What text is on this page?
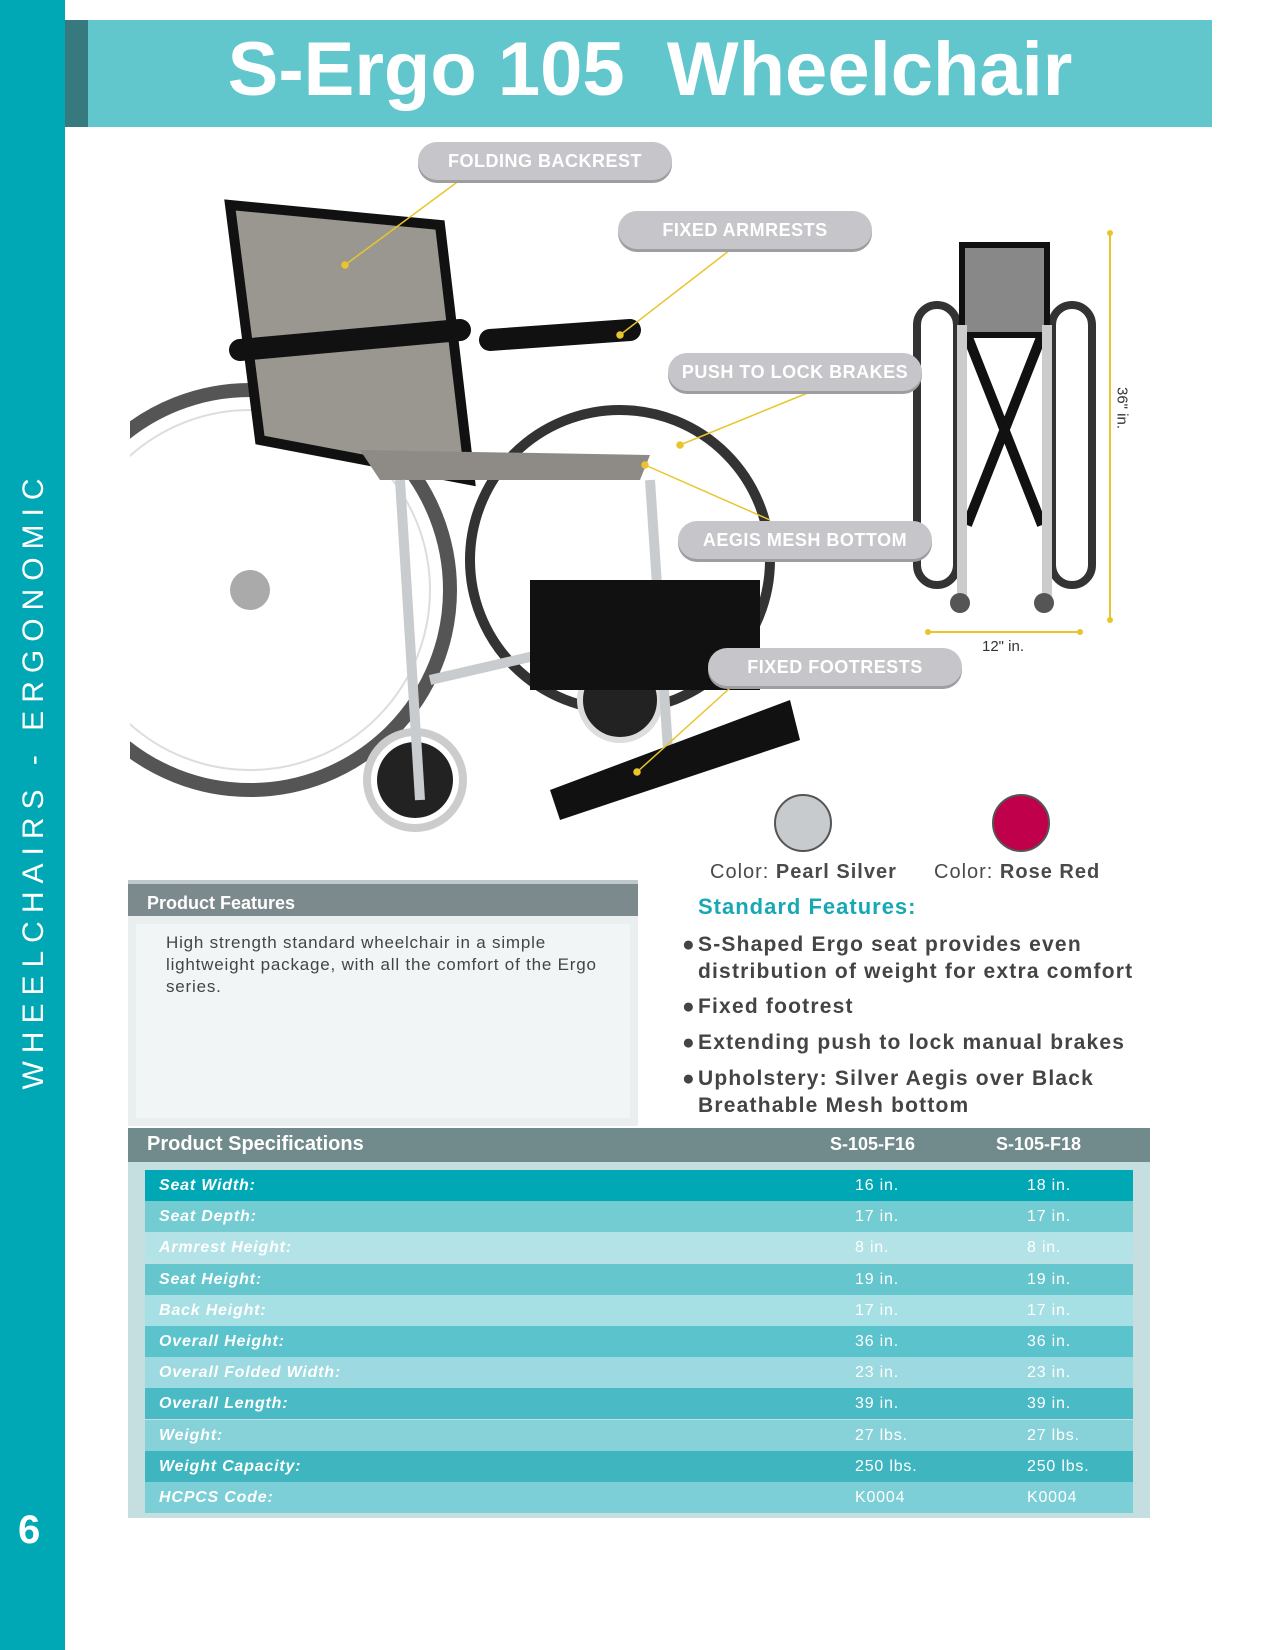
WHEELCHAIRS - ERGONOMIC
6
S-Ergo 105  Wheelchair
36" in.
12" in.
FOLDING BACKREST
FIXED ARMRESTS
PUSH TO LOCK BRAKES
AEGIS MESH BOTTOM
FIXED FOOTRESTS
Color: Pearl Silver Color: Rose Red
Product Features
High strength standard wheelchair in a simple lightweight package, with all the comfort of the Ergo series.
Standard Features:
● S-Shaped Ergo seat provides even distribution of weight for extra comfort
● Fixed footrest
● Extending push to lock manual brakes
● Upholstery: Silver Aegis over Black Breathable Mesh bottom
Product Specifications	S-105-F16	S-105-F18
Seat Width:	16 in.	18 in.
Seat Depth:	17 in.	17 in.
Armrest Height:	8 in.	8 in.
Seat Height:	19 in.	19 in.
Back Height:	17 in.	17 in.
Overall Height:	36 in.	36 in.
Overall Folded Width:	23 in.	23 in.
Overall Length:	39 in.	39 in.
Weight:	27 lbs.	27 lbs.
Weight Capacity:	250 lbs.	250 lbs.
HCPCS Code:	K0004	K0004
